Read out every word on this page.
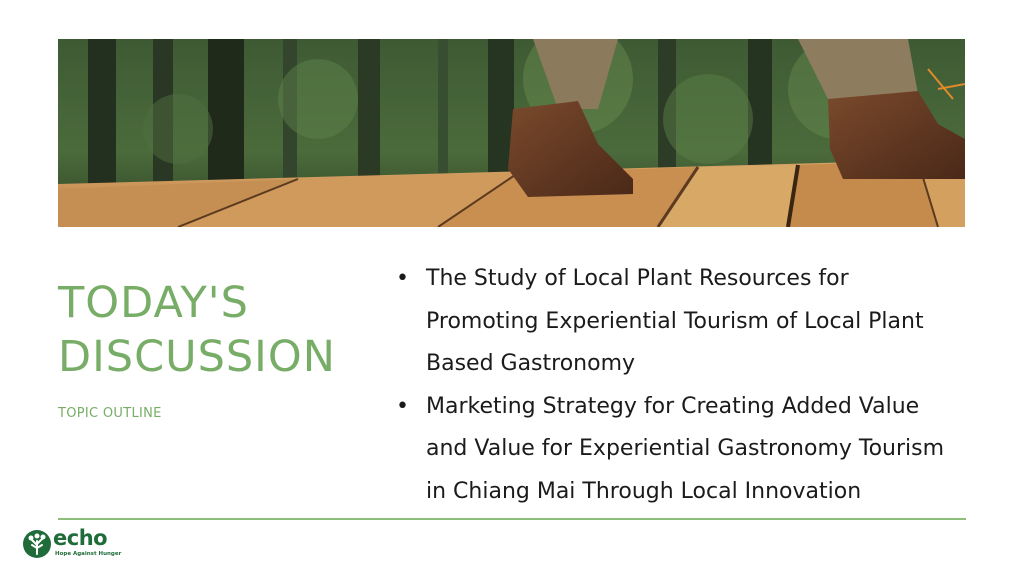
TODAY'S
DISCUSSION
TOPIC OUTLINE
• The Study of Local Plant Resources for
Promoting Experiential Tourism of Local Plant
Based Gastronomy
• Marketing Strategy for Creating Added Value
and Value for Experiential Gastronomy Tourism
in Chiang Mai Through Local Innovation
echo
Hope Against Hunger
